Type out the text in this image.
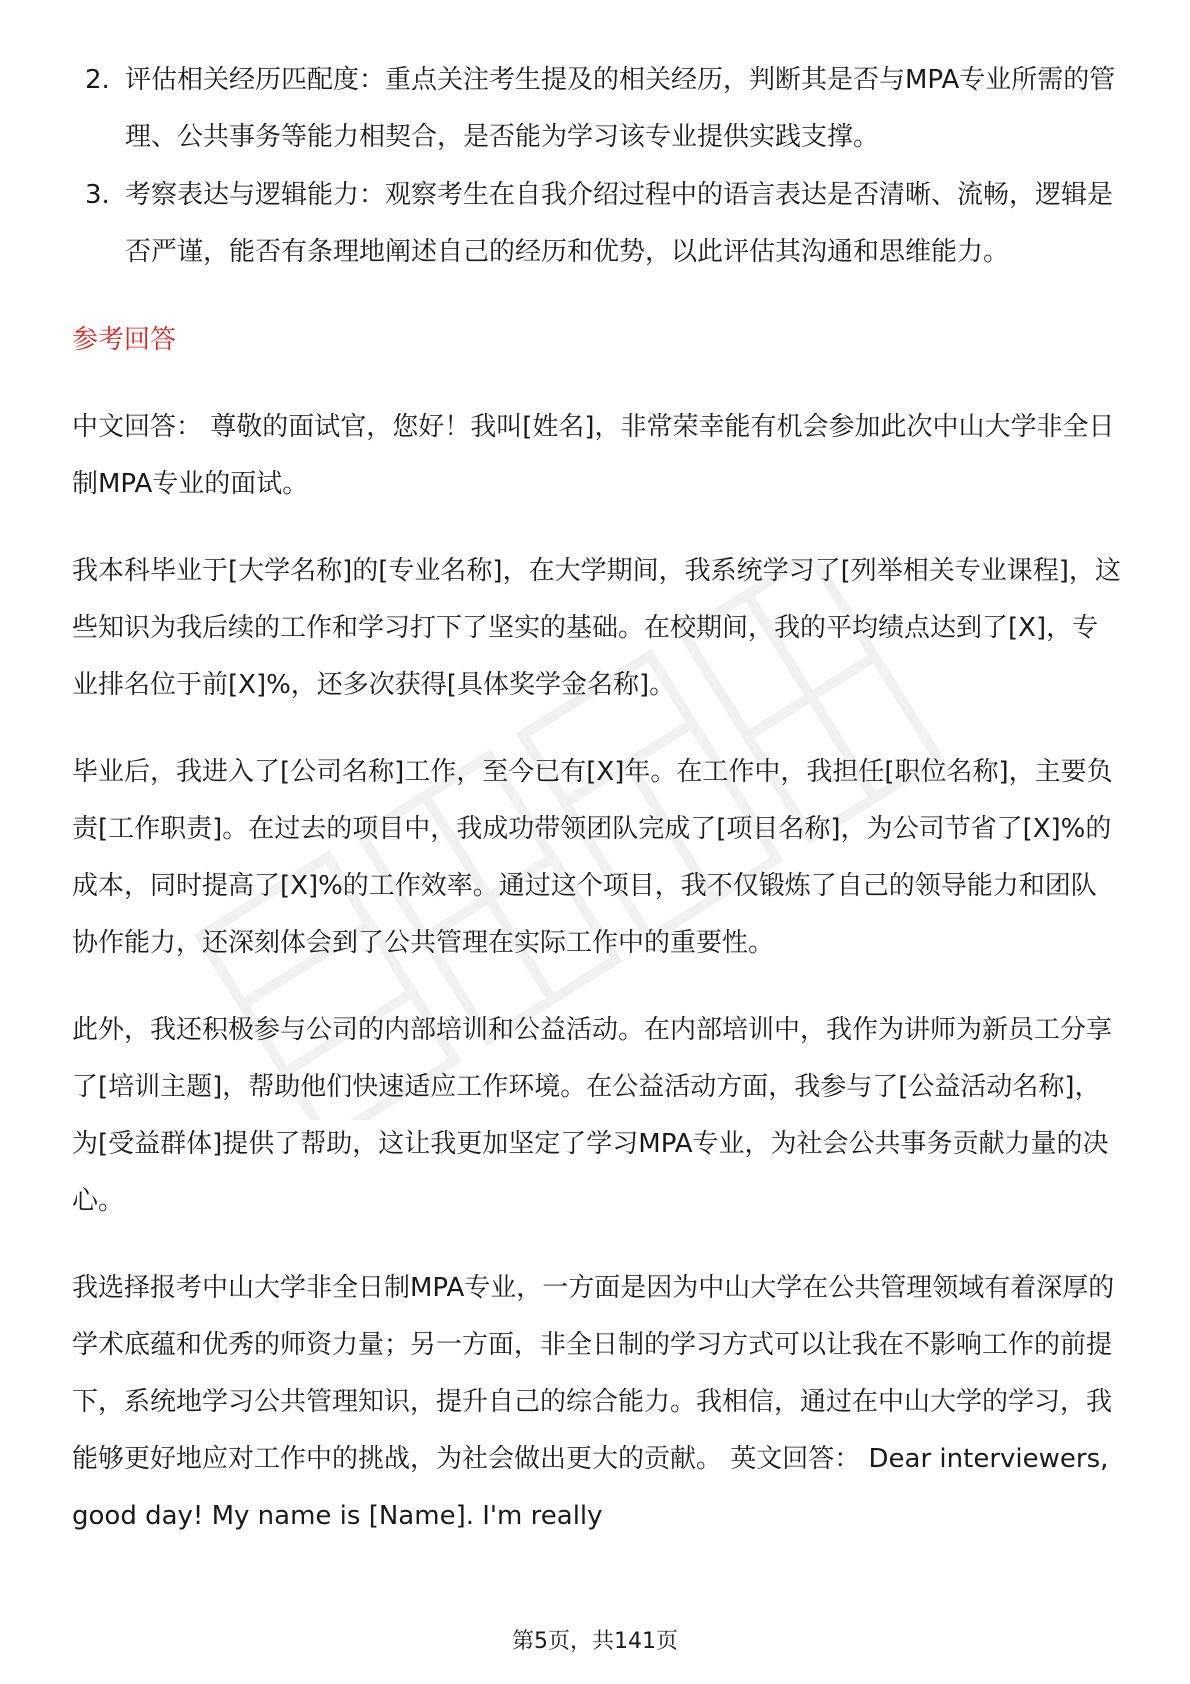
2. 评估相关经历匹配度：重点关注考生提及的相关经历，判断其是否与MPA专业所需的管理、公共事务等能力相契合，是否能为学习该专业提供实践支撑。
3. 考察表达与逻辑能力：观察考生在自我介绍过程中的语言表达是否清晰、流畅，逻辑是否严谨，能否有条理地阐述自己的经历和优势，以此评估其沟通和思维能力。
参考回答

中文回答： 尊敬的面试官，您好！我叫[姓名]，非常荣幸能有机会参加此次中山大学非全日制MPA专业的面试。

我本科毕业于[大学名称]的[专业名称]，在大学期间，我系统学习了[列举相关专业课程]，这些知识为我后续的工作和学习打下了坚实的基础。在校期间，我的平均绩点达到了[X]，专业排名位于前[X]%，还多次获得[具体奖学金名称]。

毕业后，我进入了[公司名称]工作，至今已有[X]年。在工作中，我担任[职位名称]，主要负责[工作职责]。在过去的项目中，我成功带领团队完成了[项目名称]，为公司节省了[X]%的成本，同时提高了[X]%的工作效率。通过这个项目，我不仅锻炼了自己的领导能力和团队协作能力，还深刻体会到了公共管理在实际工作中的重要性。

此外，我还积极参与公司的内部培训和公益活动。在内部培训中，我作为讲师为新员工分享了[培训主题]，帮助他们快速适应工作环境。在公益活动方面，我参与了[公益活动名称]，为[受益群体]提供了帮助，这让我更加坚定了学习MPA专业，为社会公共事务贡献力量的决心。

我选择报考中山大学非全日制MPA专业，一方面是因为中山大学在公共管理领域有着深厚的学术底蕴和优秀的师资力量；另一方面，非全日制的学习方式可以让我在不影响工作的前提下，系统地学习公共管理知识，提升自己的综合能力。我相信，通过在中山大学的学习，我能够更好地应对工作中的挑战，为社会做出更大的贡献。 英文回答： Dear interviewers, good day! My name is [Name]. I'm really

第5页，共141页
